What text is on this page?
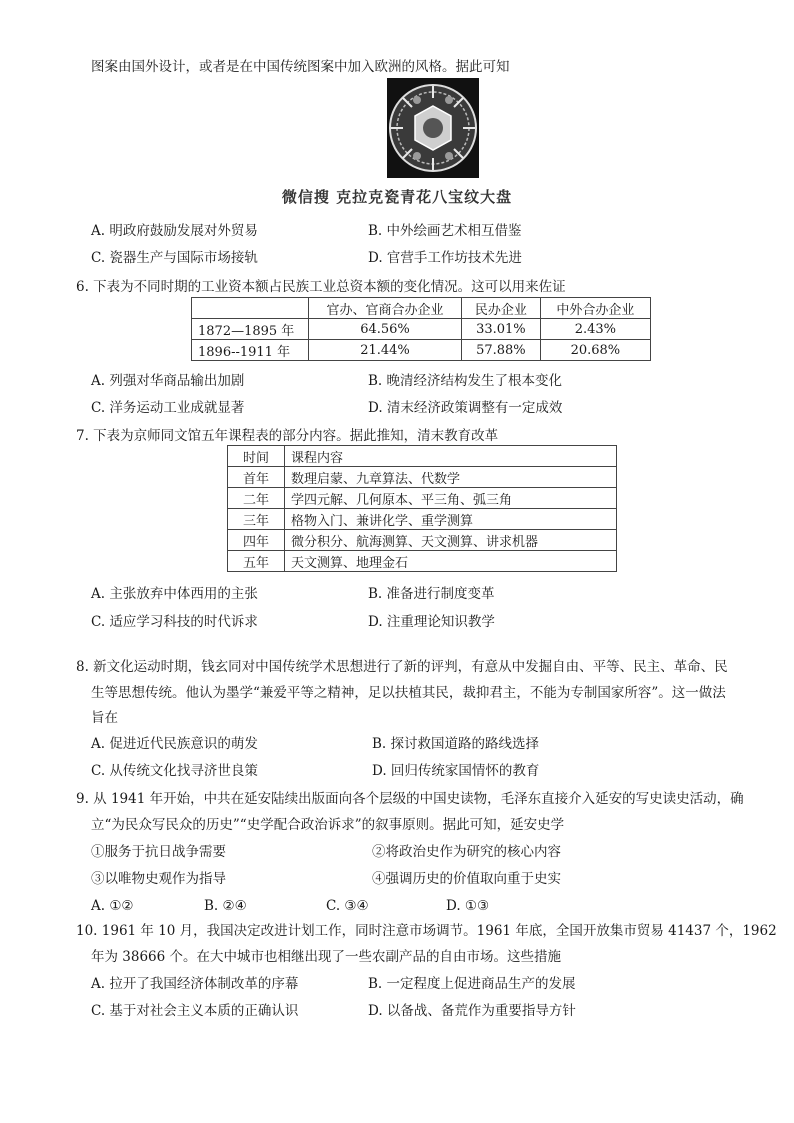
图案由国外设计，或者是在中国传统图案中加入欧洲的风格。据此可知
微信搜 克拉克瓷青花八宝纹大盘
A. 明政府鼓励发展对外贸易	B. 中外绘画艺术相互借鉴
C. 瓷器生产与国际市场接轨	D. 官营手工作坊技术先进
6. 下表为不同时期的工业资本额占民族工业总资本额的变化情况。这可以用来佐证
	官办、官商合办企业	民办企业	中外合办企业
1872—1895 年	64.56%	33.01%	2.43%
1896--1911 年	21.44%	57.88%	20.68%
A. 列强对华商品输出加剧	B. 晚清经济结构发生了根本变化
C. 洋务运动工业成就显著	D. 清末经济政策调整有一定成效
7. 下表为京师同文馆五年课程表的部分内容。据此推知，清末教育改革
时间	课程内容
首年	数理启蒙、九章算法、代数学
二年	学四元解、几何原本、平三角、弧三角
三年	格物入门、兼讲化学、重学测算
四年	微分积分、航海测算、天文测算、讲求机器
五年	天文测算、地理金石
A. 主张放弃中体西用的主张	B. 准备进行制度变革
C. 适应学习科技的时代诉求	D. 注重理论知识教学
8. 新文化运动时期，钱玄同对中国传统学术思想进行了新的评判，有意从中发掘自由、平等、民主、革命、民
生等思想传统。他认为墨学“兼爱平等之精神，足以扶植其民，裁抑君主，不能为专制国家所容”。这一做法
旨在
A. 促进近代民族意识的萌发	B. 探讨救国道路的路线选择
C. 从传统文化找寻济世良策	D. 回归传统家国情怀的教育
9. 从 1941 年开始，中共在延安陆续出版面向各个层级的中国史读物，毛泽东直接介入延安的写史读史活动，确
立“为民众写民众的历史”“史学配合政治诉求”的叙事原则。据此可知，延安史学
①服务于抗日战争需要	②将政治史作为研究的核心内容
③以唯物史观作为指导	④强调历史的价值取向重于史实
A. ①②	B. ②④	C. ③④	D. ①③
10. 1961 年 10 月，我国决定改进计划工作，同时注意市场调节。1961 年底，全国开放集市贸易 41437 个，1962
年为 38666 个。在大中城市也相继出现了一些农副产品的自由市场。这些措施
A. 拉开了我国经济体制改革的序幕	B. 一定程度上促进商品生产的发展
C. 基于对社会主义本质的正确认识	D. 以备战、备荒作为重要指导方针
